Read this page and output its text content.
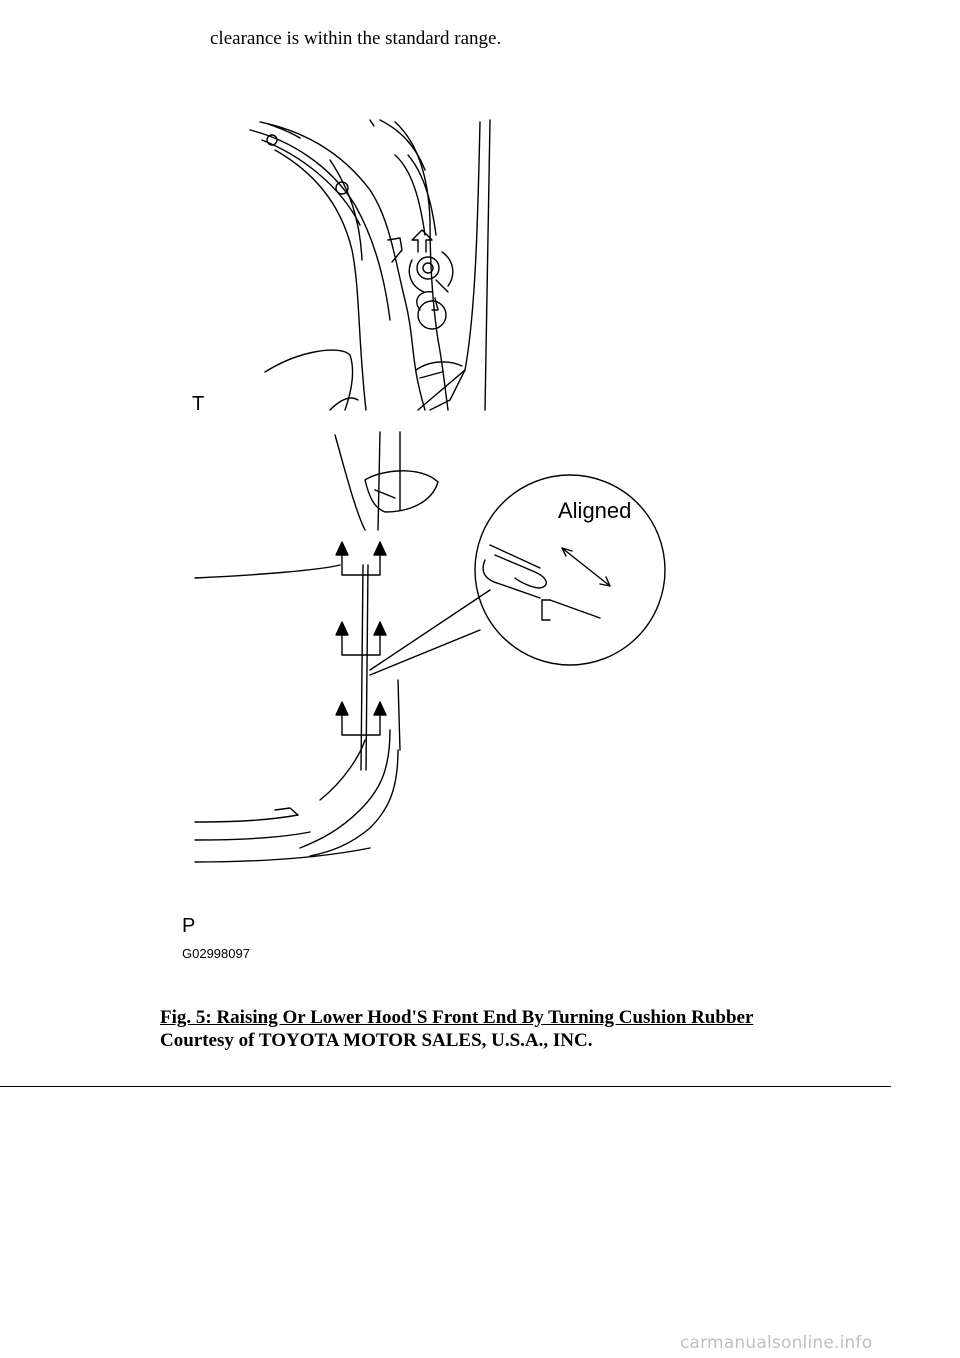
clearance is within the standard range.
T
Aligned
P
G02998097
Fig. 5: Raising Or Lower Hood'S Front End By Turning Cushion Rubber
Courtesy of TOYOTA MOTOR SALES, U.S.A., INC.
carmanualsonline.info
